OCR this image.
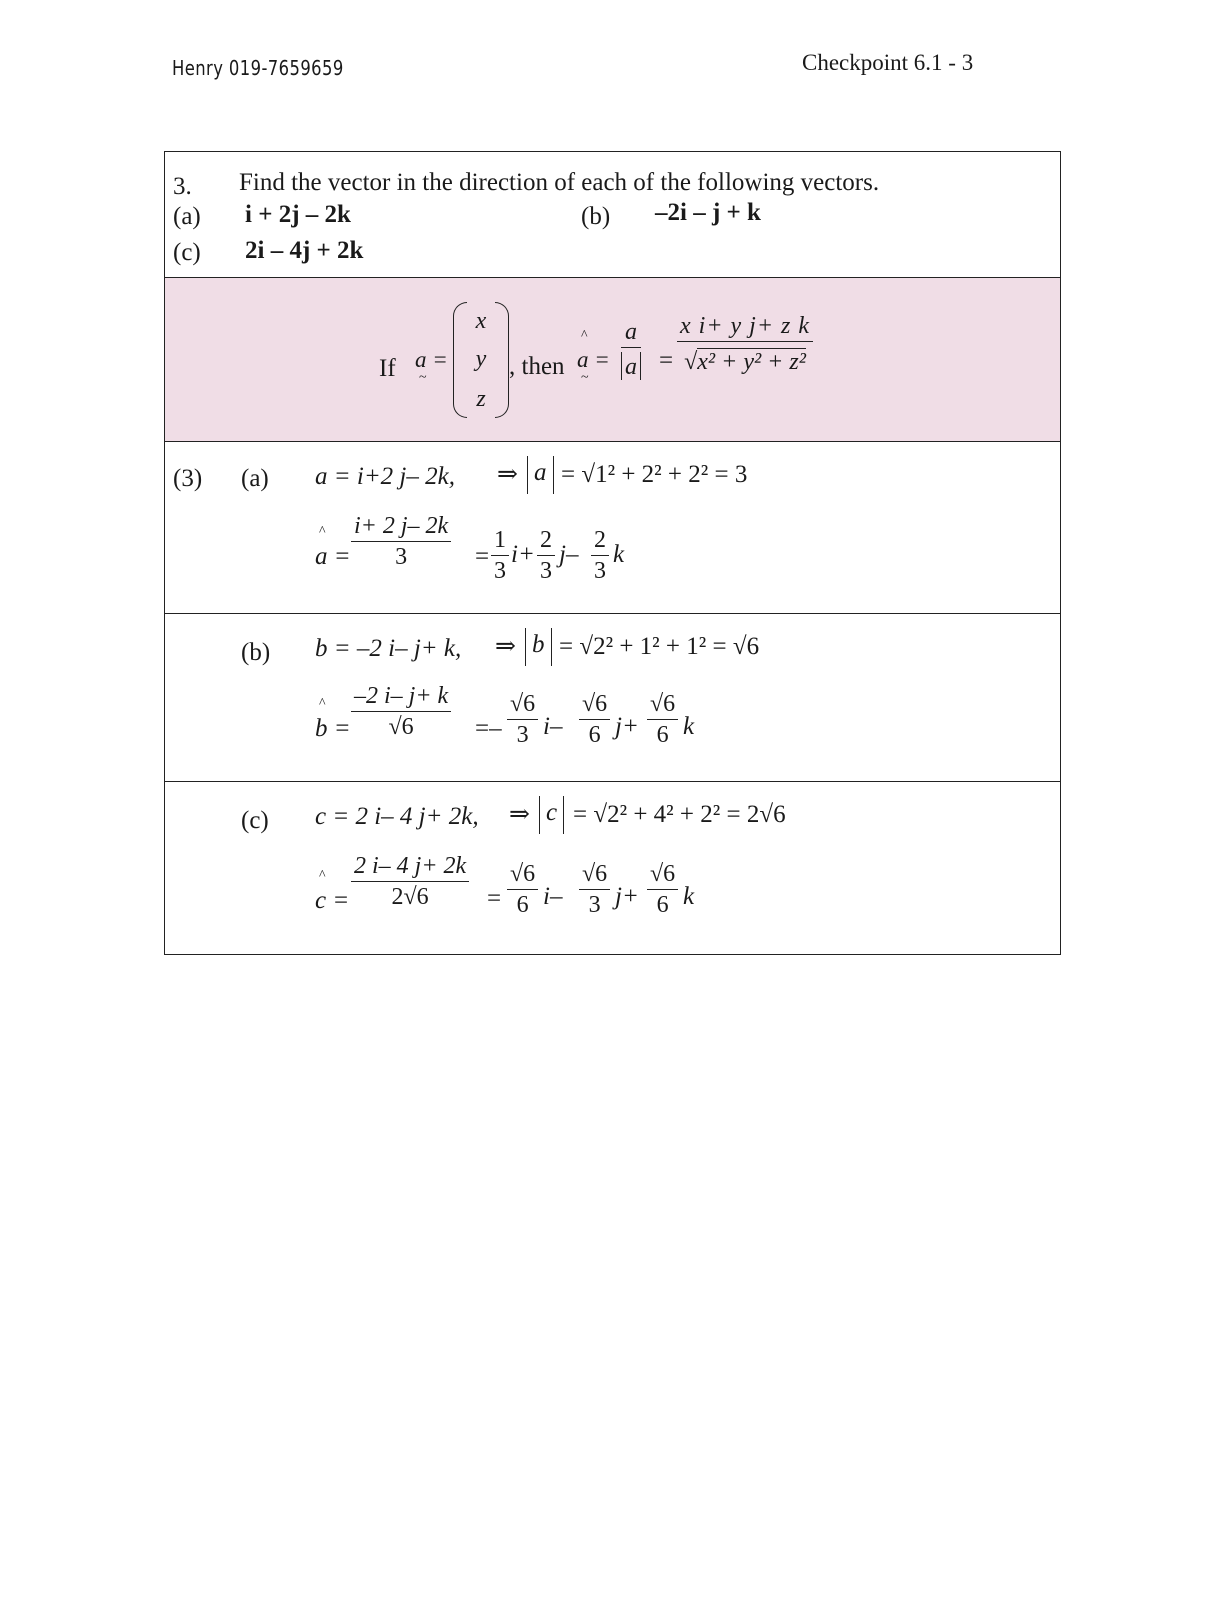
Henry 019-7659659	Checkpoint 6.1 - 3
3. Find the vector in the direction of each of the following vectors.
(a) i + 2j – 2k	(b) –2i – j + k
(c) 2i – 4j + 2k
If a =
~
x
y
z
, then
^
a =
~
a
a =
x i+ y j+ z k
√x² + y² + z²
(3) (a) a = i+2 j– 2k, ⇒ a = √1² + 2² + 2² = 3
^
a =
i+ 2 j– 2k
3	=
1
3
i+
2
3
j–
2
3
k
(b) b = –2 i– j+ k, ⇒ b = √2² + 1² + 1² = √6
^
b =
–2 i– j+ k
√6 =–
√6
3 i–
√6
6 j+
√6
6 k
(c) c = 2 i– 4 j+ 2k, ⇒ c = √2² + 4² + 2² = 2√6
^
c =
2 i– 4 j+ 2k
2√6 =
√6
6 i–
√6
3 j+
√6
6 k
